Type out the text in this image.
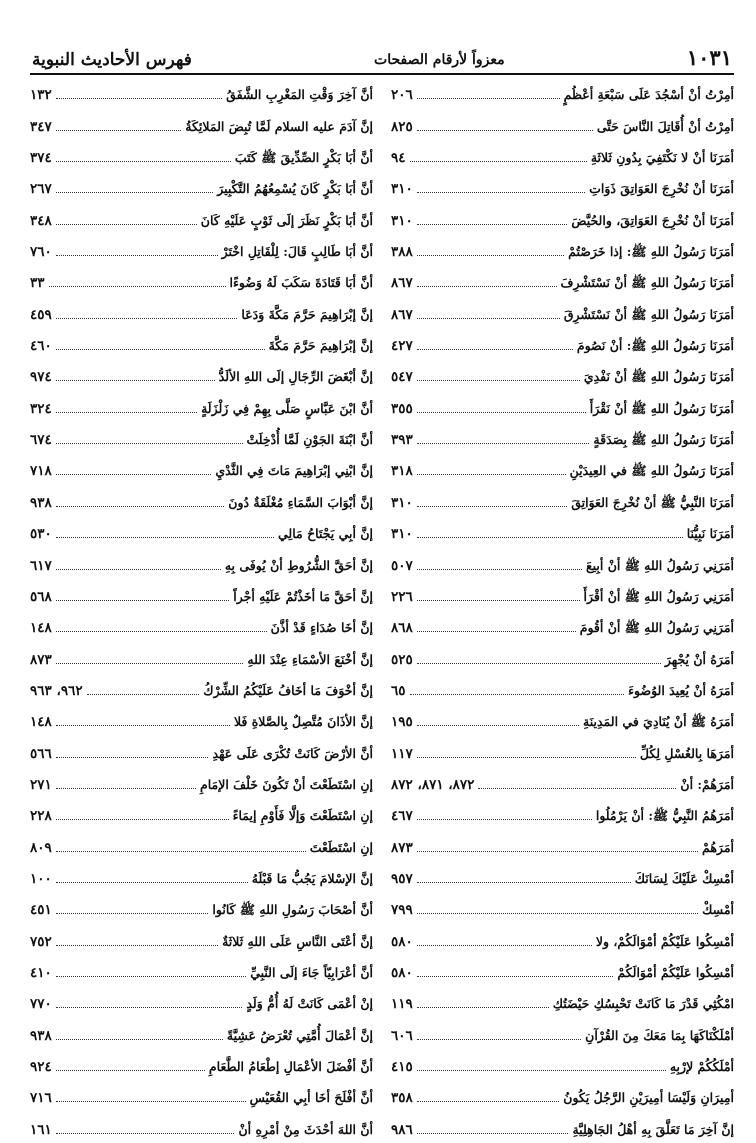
١٠٣١
معزواً لأرقام الصفحات
فهرس الأحاديث النبوية
أمِرْتُ أنْ أسْجُدَ عَلَى سَبْعَةِ أعْظُمٍ
٢٠٦
أمِرْتُ أنْ أُقَاتِلَ النَّاسَ حَتَّى
٨٢٥
أمَرَنَا أنْ لا نَكْتَفِيَ بِدُونِ ثَلاثَةِ
٩٤
أمَرَنَا أنْ نُخْرِجَ العَوَاتِقَ ذَوَاتِ
٣١٠
أمَرَنَا أنْ نُخْرِجَ العَوَاتِقَ، والحُيَّضَ
٣١٠
أمَرَنَا رَسُولُ اللهِ ﷺ: إذا خَرَصْتُمْ
٣٨٨
أمَرَنَا رَسُولُ اللهِ ﷺ أنْ نَسْتَشْرِفَ
٨٦٧
أمَرَنَا رَسُولُ اللهِ ﷺ أنْ نَسْتَشْرِقَ
٨٦٧
أمَرَنَا رَسُولُ اللهِ ﷺ: أنْ نَصُومَ
٤٢٧
أمَرَنَا رَسُولُ اللهِ ﷺ أنْ نَفْدِيَ
٥٤٧
أمَرَنَا رَسُولُ اللهِ ﷺ أنْ نَقْرَأَ
٣٥٥
أمَرَنَا رَسُولُ اللهِ ﷺ بِصَدَقَةٍ
٣٩٣
أمَرَنَا رَسُولُ اللهِ ﷺ في العِيدَيْنِ
٣١٨
أمَرَنَا النَّبِيُّ ﷺ أنْ نُخْرِجَ العَوَاتِقَ
٣١٠
أمَرَنَا نَبِيُّنَا
٣١٠
أمَرَنِي رَسُولُ اللهِ ﷺ أنْ أبِيعَ
٥٠٧
أمَرَنِي رَسُولُ اللهِ ﷺ أنْ أقْرَأَ
٢٢٦
أمَرَنِي رَسُولُ اللهِ ﷺ أنْ أقُومَ
٨٦٨
أمَرَهُ أنْ يُجْهِرَ
٥٢٥
أمَرَهُ أنْ يُعِيدَ الوُضُوءَ
٦٥
أمَرَهُ ﷺ أنْ يُنَادِيَ في المَدِينَةِ
١٩٥
أمَرَهَا بِالغُسْلِ لِكُلِّ
١١٧
أمَرَهُمْ: أنْ
٨٧٢، ٨٧١، ٨٧٢
أمَرَهُمُ النَّبِيُّ ﷺ: أنْ يَرْمُلُوا
٤٦٧
أمَرَهُمْ
٨٧٣
أمْسِكْ عَلَيْكَ لِسَانَكَ
٩٥٧
أمْسِكْ
٧٩٩
أمْسِكُوا عَلَيْكُمْ أمْوَالَكُمْ، ولا
٥٨٠
أمْسِكُوا عَلَيْكُمْ أمْوَالَكُمْ
٥٨٠
امْكُثِي قَدْرَ مَا كَانَتْ تَحْبِسُكِ حَيْضَتُكِ
١١٩
أمْلَكْنَاكَهَا بِمَا مَعَكَ مِنَ القُرْآنِ
٦٠٦
أمْلَكُكُمْ لإرْبِهِ
٤١٥
أمِيرَانِ وَلَيْسَا أمِيرَيْنِ الرَّجُلُ يَكُونُ
٣٥٨
إنَّ آخِرَ مَا تَعَلَّقَ بِهِ أهْلُ الجَاهِلِيَّةِ
٩٨٦
أنَّ آخِرَ وَقْتِ المَغْرِبِ الشَّفَقُ
١٣٢
إنَّ آدَمَ عليه السلام لَمَّا تُبِضَ المَلائِكَةُ
٣٤٧
أنَّ أبَا بَكْرٍ الصِّدِّيقَ ﷺ كَتَبَ
٣٧٤
أنَّ أبَا بَكْرٍ كَانَ يُسْمِعُهُمُ التَّكْبِيرَ
٢٦٧
أنَّ أبَا بَكْرٍ نَظَرَ إلَى ثَوْبٍ عَلَيْهِ كَانَ
٣٤٨
أنَّ أبَا طَالِبٍ قَالَ: لِلْقَاتِلِ اخْتَرْ
٧٦٠
أنَّ أبَا قَتَادَةَ سَكَبَ لَهُ وَضُوءًا
٣٣
إنَّ إبْرَاهِيمَ حَرَّمَ مَكَّةَ وَدَعَا
٤٥٩
إنَّ إبْرَاهِيمَ حَرَّمَ مَكَّةَ
٤٦٠
إنَّ أبْغَضَ الرِّجَالِ إلَى اللهِ الألَدُّ
٩٧٤
أنَّ ابْنَ عَبَّاسٍ صَلَّى بِهِمْ فِي زَلْزَلَةٍ
٣٢٤
أنَّ ابْنَةَ الجَوْنِ لَمَّا أُدْخِلَتْ
٦٧٤
إنَّ ابْنِي إبْرَاهِيمَ مَاتَ فِي الثَّدْيِ
٧١٨
إنَّ أبْوَابَ السَّمَاءِ مُغْلَقَةٌ دُونَ
٩٣٨
إنَّ أبِي يَجْتَاحُ مَالِي
٥٣٠
إنَّ أحَقَّ الشُّرُوطِ أنْ يُوفَى بِهِ
٦١٧
إنَّ أحَقَّ مَا أخَذْتُمْ عَلَيْهِ أجْراً
٥٦٨
إنَّ أخَا صُدَاءٍ قَدْ أذَّنَ
١٤٨
إنَّ أخْنَعَ الأسْمَاءِ عِنْدَ اللهِ
٨٧٣
إنَّ أخْوَفَ مَا أخَافُ عَلَيْكُمُ الشِّرْكُ
٩٦٢، ٩٦٣
إنَّ الأذَانَ مُتَّصِلٌ بِالصَّلاةِ فَلا
١٤٨
أنَّ الأرْضَ كَانَتْ تُكْرَى عَلَى عَهْدِ
٥٦٦
إنِ اسْتَطَعْتَ أنْ تَكُونَ خَلْفَ الإمَامِ
٢٧١
إنِ اسْتَطَعْتَ وَإلَّا فَأَوْمِ إيمَاءً
٢٢٨
إنِ اسْتَطَعْتَ
٨٠٩
إنَّ الإسْلامَ يَجُبُّ مَا قَبْلَهُ
١٠٠
أنَّ أصْحَابَ رَسُولِ اللهِ ﷺ كَانُوا
٤٥١
إنَّ أعْتَى النَّاسِ عَلَى اللهِ ثَلاثَةٌ
٧٥٢
أنَّ أعْرَابِيّاً جَاءَ إلَى النَّبِيِّ
٤١٠
إنْ أعْمَى كَانَتْ لَهُ أُمُّ وَلَدٍ
٧٧٠
إنَّ أعْمَالَ أُمَّتِي تُعْرَضُ عَشِيَّةً
٩٣٨
أنَّ أفْضَلَ الأعْمَالِ إطْعَامُ الطَّعَامِ
٩٢٤
أنَّ أفْلَحَ أخَا أبِي القُعَيْسِ
٧١٦
أنَّ اللهَ أحْدَثَ مِنْ أمْرِهِ أنْ
١٦١
